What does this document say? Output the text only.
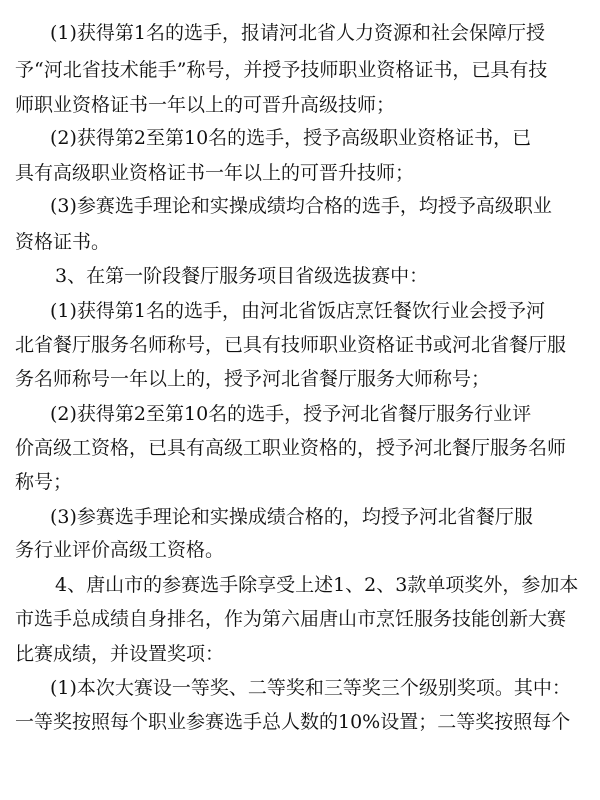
(1)获得第1名的选手，报请河北省人力资源和社会保障厅授
予“河北省技术能手”称号，并授予技师职业资格证书，已具有技
师职业资格证书一年以上的可晋升高级技师；
(2)获得第2至第10名的选手，授予高级职业资格证书，已
具有高级职业资格证书一年以上的可晋升技师；
(3)参赛选手理论和实操成绩均合格的选手，均授予高级职业
资格证书。
3、在第一阶段餐厅服务项目省级选拔赛中：
(1)获得第1名的选手，由河北省饭店烹饪餐饮行业会授予河
北省餐厅服务名师称号，已具有技师职业资格证书或河北省餐厅服
务名师称号一年以上的，授予河北省餐厅服务大师称号；
(2)获得第2至第10名的选手，授予河北省餐厅服务行业评
价高级工资格，已具有高级工职业资格的，授予河北餐厅服务名师
称号；
(3)参赛选手理论和实操成绩合格的，均授予河北省餐厅服
务行业评价高级工资格。
4、唐山市的参赛选手除享受上述1、2、3款单项奖外，参加本
市选手总成绩自身排名，作为第六届唐山市烹饪服务技能创新大赛
比赛成绩，并设置奖项：
(1)本次大赛设一等奖、二等奖和三等奖三个级别奖项。其中：
一等奖按照每个职业参赛选手总人数的10%设置；二等奖按照每个
